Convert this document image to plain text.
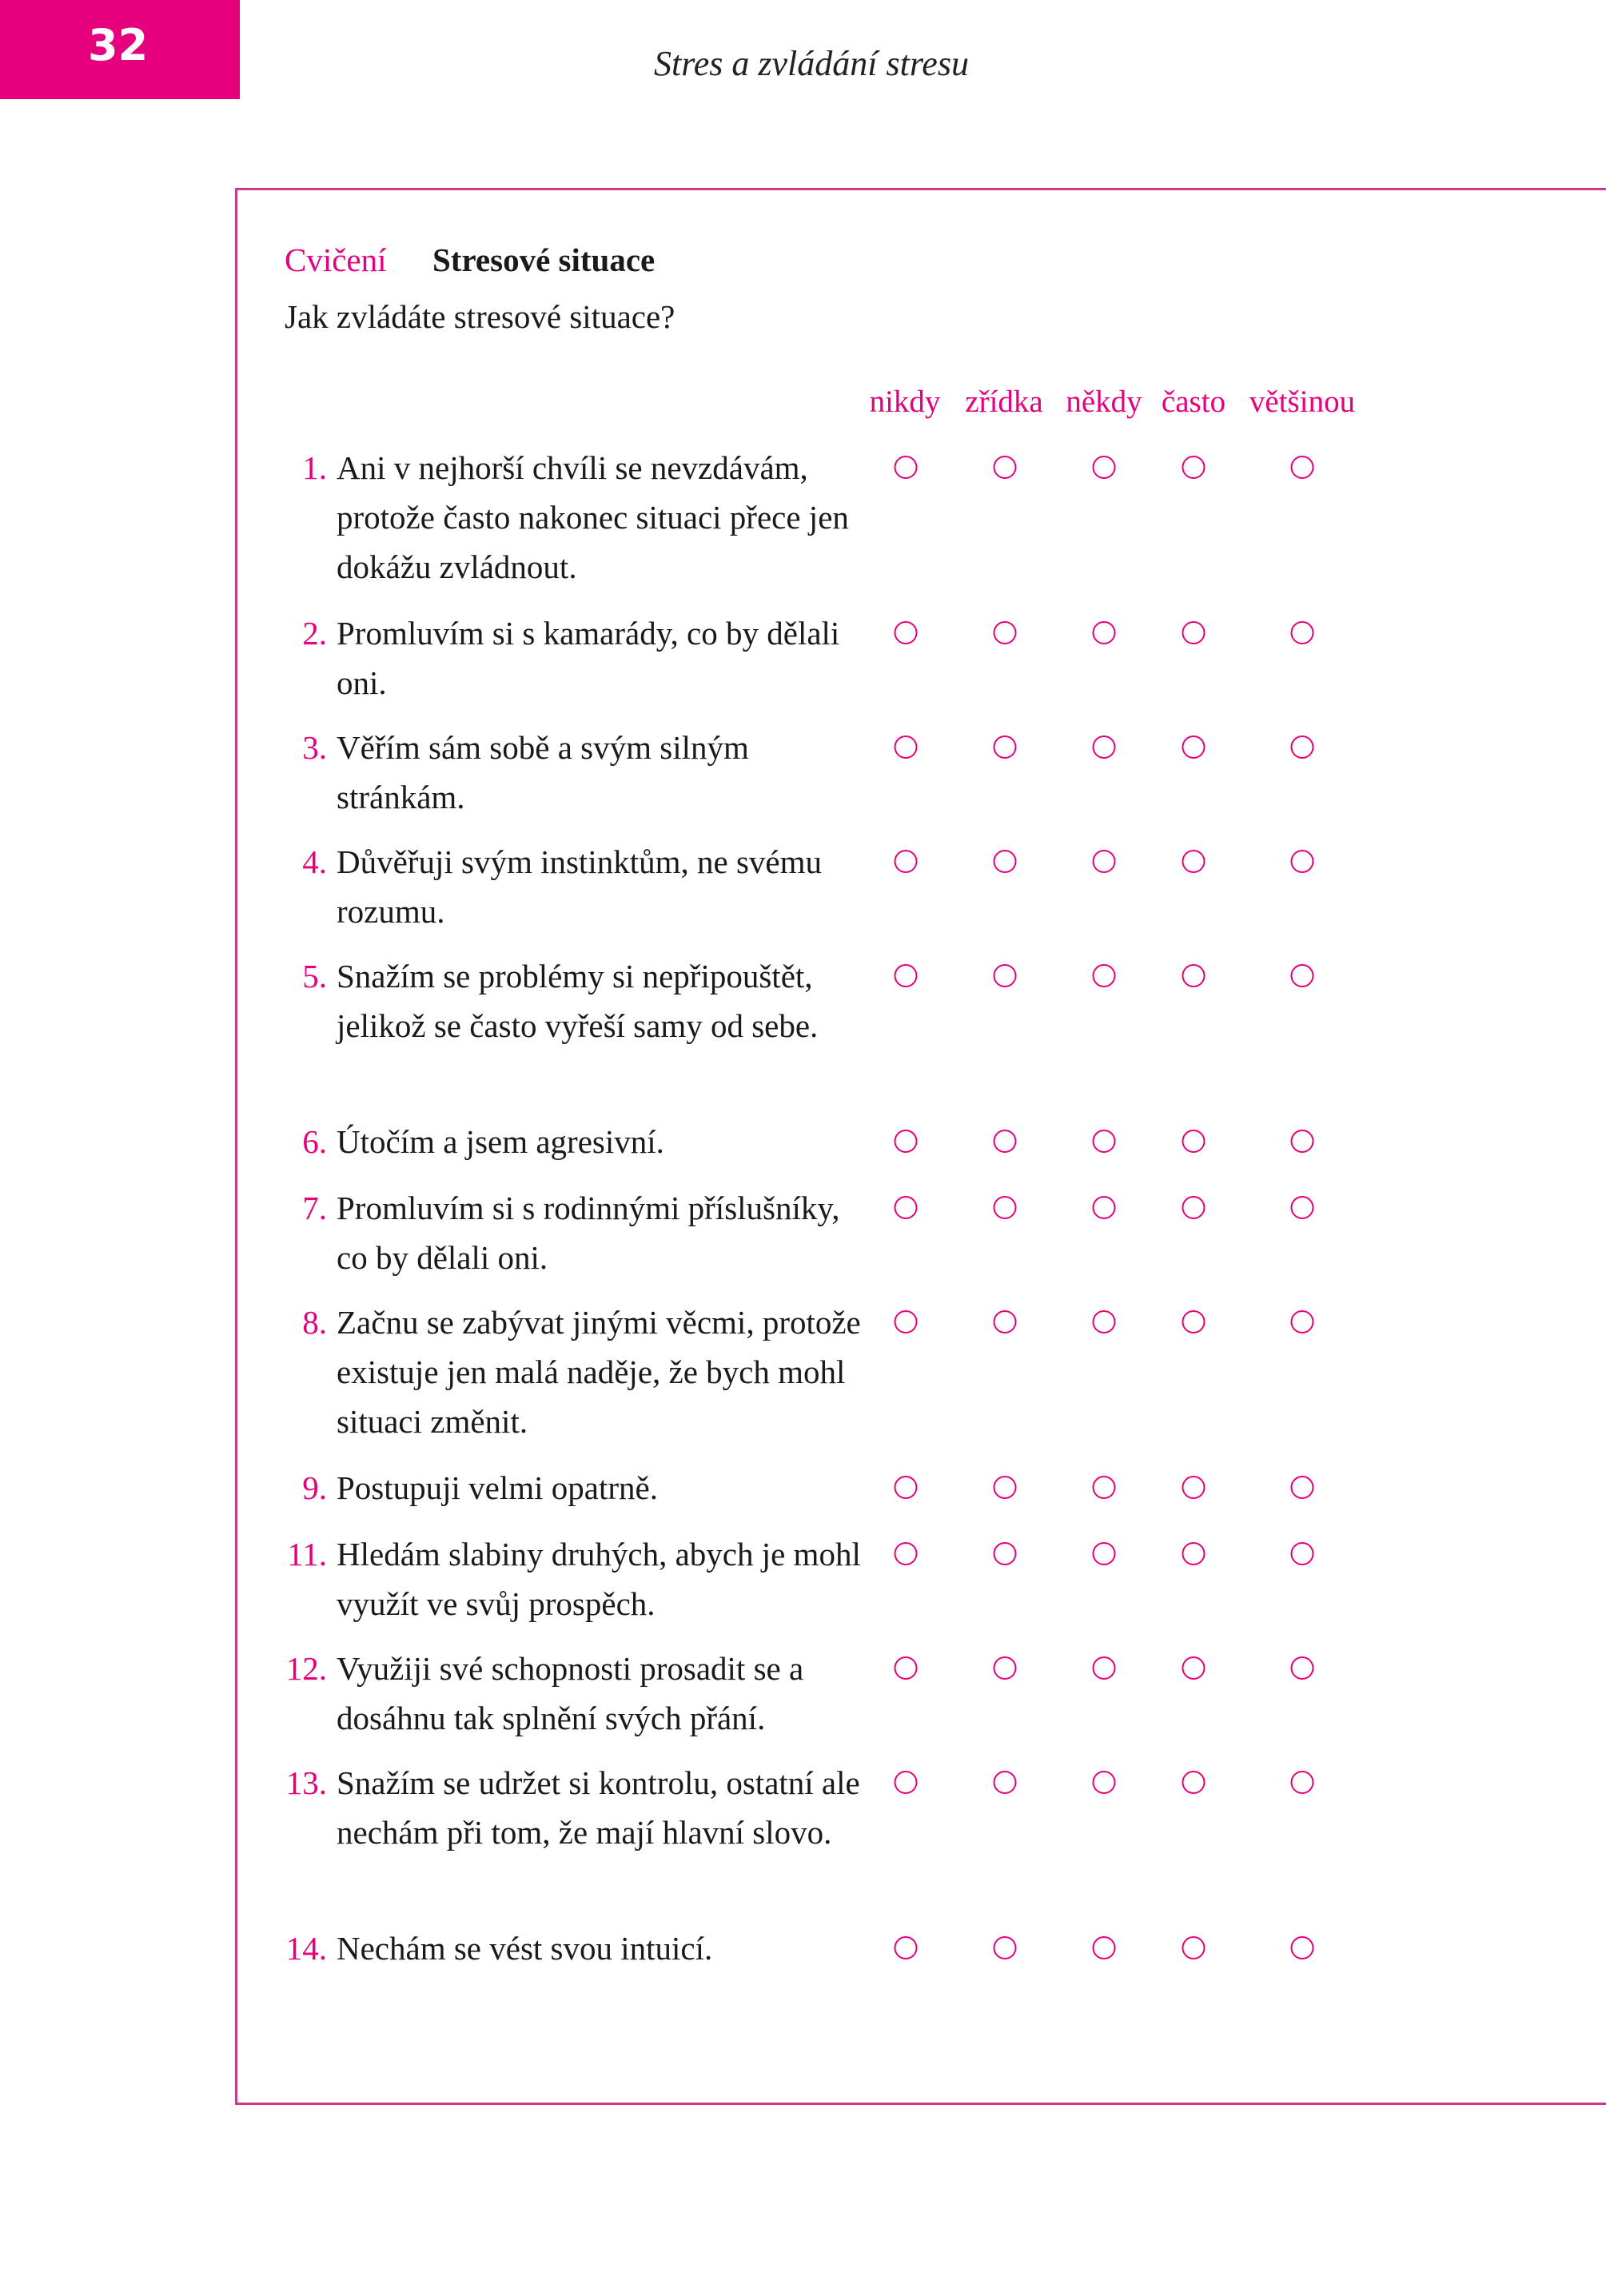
32	Stres a zvládání stresu
Cvičení Stresové situace
Jak zvládáte stresové situace?
nikdy zřídka někdy často většinou
1. Ani v nejhorší chvíli se nevzdávám, protože často nakonec situaci přece jen dokážu zvládnout.
2. Promluvím si s kamarády, co by dělali oni.
3. Věřím sám sobě a svým silným stránkám.
4. Důvěřuji svým instinktům, ne svému rozumu.
5. Snažím se problémy si nepřipouštět, jelikož se často vyřeší samy od sebe.
6. Útočím a jsem agresivní.
7. Promluvím si s rodinnými příslušníky, co by dělali oni.
8. Začnu se zabývat jinými věcmi, protože existuje jen malá naděje, že bych mohl situaci změnit.
9. Postupuji velmi opatrně.
11. Hledám slabiny druhých, abych je mohl využít ve svůj prospěch.
12. Využiji své schopnosti prosadit se a dosáhnu tak splnění svých přání.
13. Snažím se udržet si kontrolu, ostatní ale nechám při tom, že mají hlavní slovo.
14. Nechám se vést svou intuicí.
